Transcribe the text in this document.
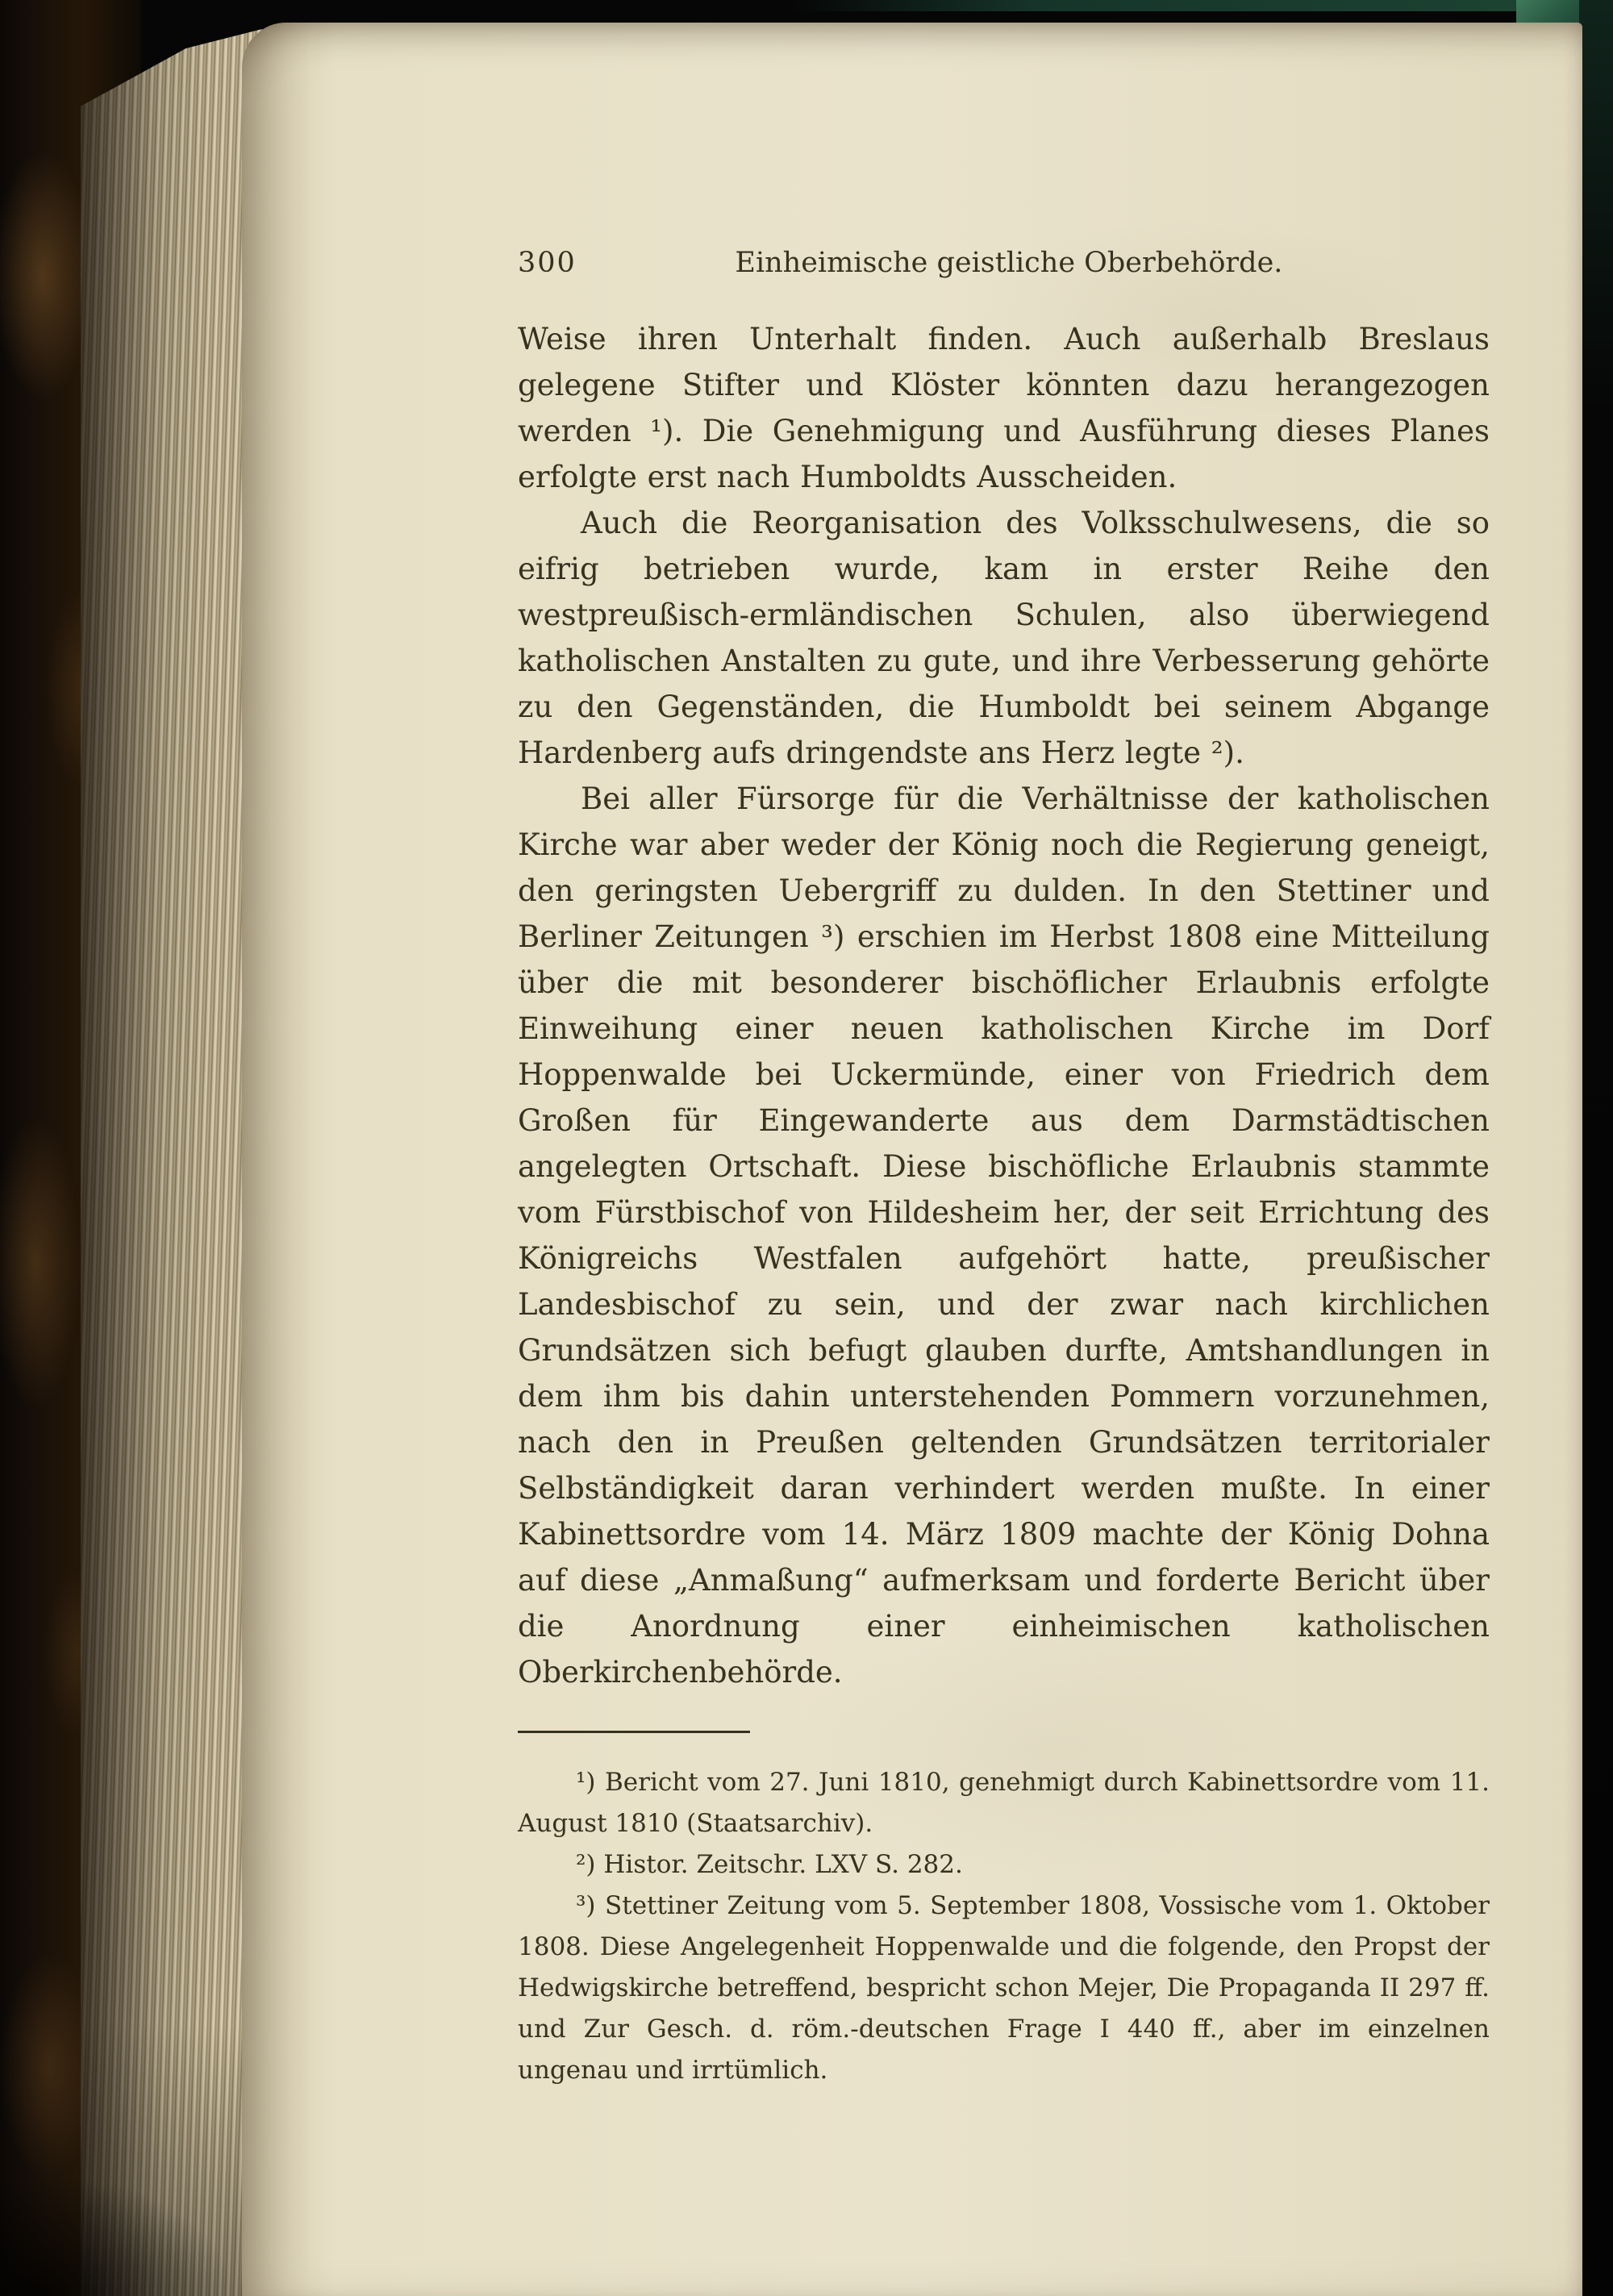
300	Einheimische geistliche Oberbehörde.

Weise ihren Unterhalt finden. Auch außerhalb Breslaus gelegene Stifter und Klöster könnten dazu herangezogen werden ¹). Die Genehmigung und Ausführung dieses Planes erfolgte erst nach Humboldts Ausscheiden.

Auch die Reorganisation des Volksschulwesens, die so eifrig betrieben wurde, kam in erster Reihe den westpreußisch-ermländischen Schulen, also überwiegend katholischen Anstalten zu gute, und ihre Verbesserung gehörte zu den Gegenständen, die Humboldt bei seinem Abgange Hardenberg aufs dringendste ans Herz legte ²).

Bei aller Fürsorge für die Verhältnisse der katholischen Kirche war aber weder der König noch die Regierung geneigt, den geringsten Uebergriff zu dulden. In den Stettiner und Berliner Zeitungen ³) erschien im Herbst 1808 eine Mitteilung über die mit besonderer bischöflicher Erlaubnis erfolgte Einweihung einer neuen katholischen Kirche im Dorf Hoppenwalde bei Uckermünde, einer von Friedrich dem Großen für Eingewanderte aus dem Darmstädtischen angelegten Ortschaft. Diese bischöfliche Erlaubnis stammte vom Fürstbischof von Hildesheim her, der seit Errichtung des Königreichs Westfalen aufgehört hatte, preußischer Landesbischof zu sein, und der zwar nach kirchlichen Grundsätzen sich befugt glauben durfte, Amtshandlungen in dem ihm bis dahin unterstehenden Pommern vorzunehmen, nach den in Preußen geltenden Grundsätzen territorialer Selbständigkeit daran verhindert werden mußte. In einer Kabinettsordre vom 14. März 1809 machte der König Dohna auf diese „Anmaßung“ aufmerksam und forderte Bericht über die Anordnung einer einheimischen katholischen Oberkirchenbehörde.

¹) Bericht vom 27. Juni 1810, genehmigt durch Kabinettsordre vom 11. August 1810 (Staatsarchiv).

²) Histor. Zeitschr. LXV S. 282.

³) Stettiner Zeitung vom 5. September 1808, Vossische vom 1. Oktober 1808. Diese Angelegenheit Hoppenwalde und die folgende, den Propst der Hedwigskirche betreffend, bespricht schon Mejer, Die Propaganda II 297 ff. und Zur Gesch. d. röm.-deutschen Frage I 440 ff., aber im einzelnen ungenau und irrtümlich.
